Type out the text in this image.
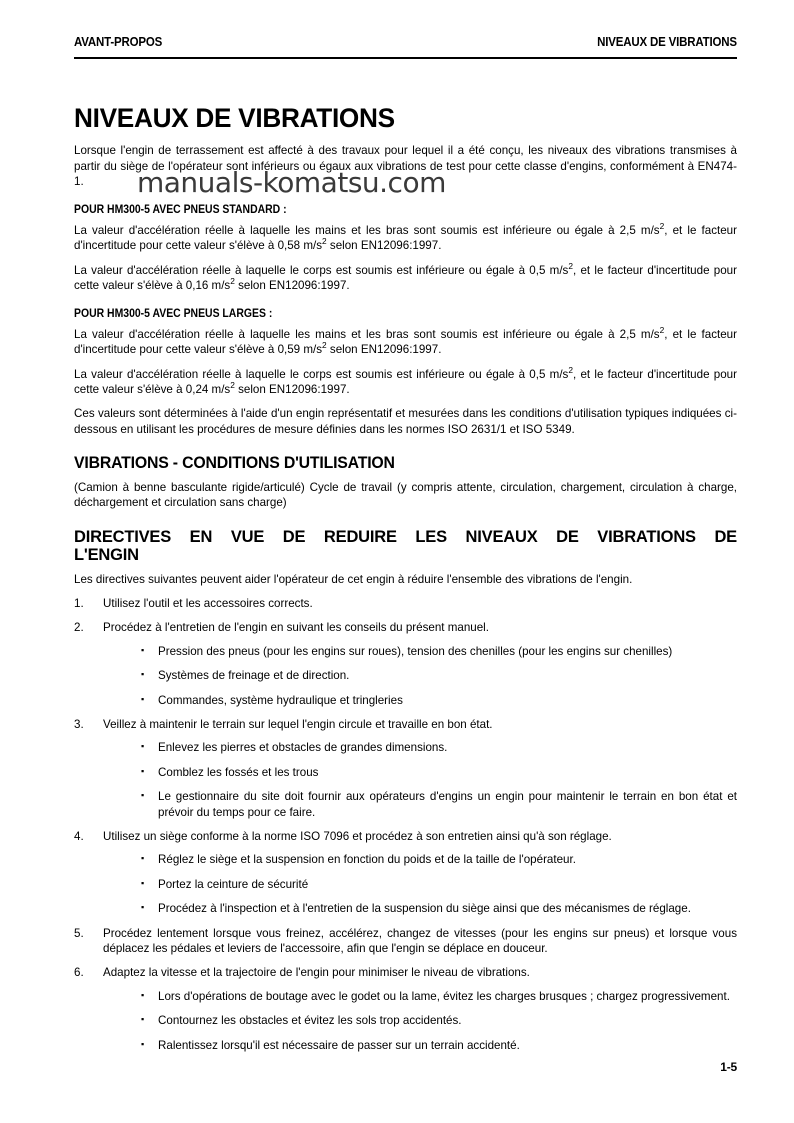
AVANT-PROPOS	NIVEAUX DE VIBRATIONS
NIVEAUX DE VIBRATIONS

Lorsque l'engin de terrassement est affecté à des travaux pour lequel il a été conçu, les niveaux des vibrations transmises à partir du siège de l'opérateur sont inférieurs ou égaux aux vibrations de test pour cette classe d'engins, conformément à EN474-1.

POUR HM300-5 AVEC PNEUS STANDARD :

La valeur d'accélération réelle à laquelle les mains et les bras sont soumis est inférieure ou égale à 2,5 $m/s^2$, et le facteur d'incertitude pour cette valeur s'élève à 0,58 $m/s^2$ selon EN12096:1997.

La valeur d'accélération réelle à laquelle le corps est soumis est inférieure ou égale à 0,5 $m/s^2$, et le facteur d'incertitude pour cette valeur s'élève à 0,16 $m/s^2$ selon EN12096:1997.

POUR HM300-5 AVEC PNEUS LARGES :

La valeur d'accélération réelle à laquelle les mains et les bras sont soumis est inférieure ou égale à 2,5 $m/s^2$, et le facteur d'incertitude pour cette valeur s'élève à 0,59 $m/s^2$ selon EN12096:1997.

La valeur d'accélération réelle à laquelle le corps est soumis est inférieure ou égale à 0,5 $m/s^2$, et le facteur d'incertitude pour cette valeur s'élève à 0,24 $m/s^2$ selon EN12096:1997.

Ces valeurs sont déterminées à l'aide d'un engin représentatif et mesurées dans les conditions d'utilisation typiques indiquées ci-dessous en utilisant les procédures de mesure définies dans les normes ISO 2631/1 et ISO 5349.

VIBRATIONS - CONDITIONS D'UTILISATION

(Camion à benne basculante rigide/articulé) Cycle de travail (y compris attente, circulation, chargement, circulation à charge, déchargement et circulation sans charge)

DIRECTIVES EN VUE DE REDUIRE LES NIVEAUX DE VIBRATIONS DE
L'ENGIN

Les directives suivantes peuvent aider l'opérateur de cet engin à réduire l'ensemble des vibrations de l'engin.

1.	Utilisez l'outil et les accessoires corrects.
2.	Procédez à l'entretien de l'engin en suivant les conseils du présent manuel.
▪ Pression des pneus (pour les engins sur roues), tension des chenilles (pour les engins sur chenilles)
▪ Systèmes de freinage et de direction.
▪ Commandes, système hydraulique et tringleries
3.	Veillez à maintenir le terrain sur lequel l'engin circule et travaille en bon état.
▪ Enlevez les pierres et obstacles de grandes dimensions.
▪ Comblez les fossés et les trous
▪ Le gestionnaire du site doit fournir aux opérateurs d'engins un engin pour maintenir le terrain en bon état et prévoir du temps pour ce faire.
4.	Utilisez un siège conforme à la norme ISO 7096 et procédez à son entretien ainsi qu'à son réglage.
▪ Réglez le siège et la suspension en fonction du poids et de la taille de l'opérateur.
▪ Portez la ceinture de sécurité
▪ Procédez à l'inspection et à l'entretien de la suspension du siège ainsi que des mécanismes de réglage.
5.	Procédez lentement lorsque vous freinez, accélérez, changez de vitesses (pour les engins sur pneus) et lorsque vous déplacez les pédales et leviers de l'accessoire, afin que l'engin se déplace en douceur.
6.	Adaptez la vitesse et la trajectoire de l'engin pour minimiser le niveau de vibrations.
▪ Lors d'opérations de boutage avec le godet ou la lame, évitez les charges brusques ; chargez progressivement.
▪ Contournez les obstacles et évitez les sols trop accidentés.
▪ Ralentissez lorsqu'il est nécessaire de passer sur un terrain accidenté.
1-5
manuals-komatsu.com
